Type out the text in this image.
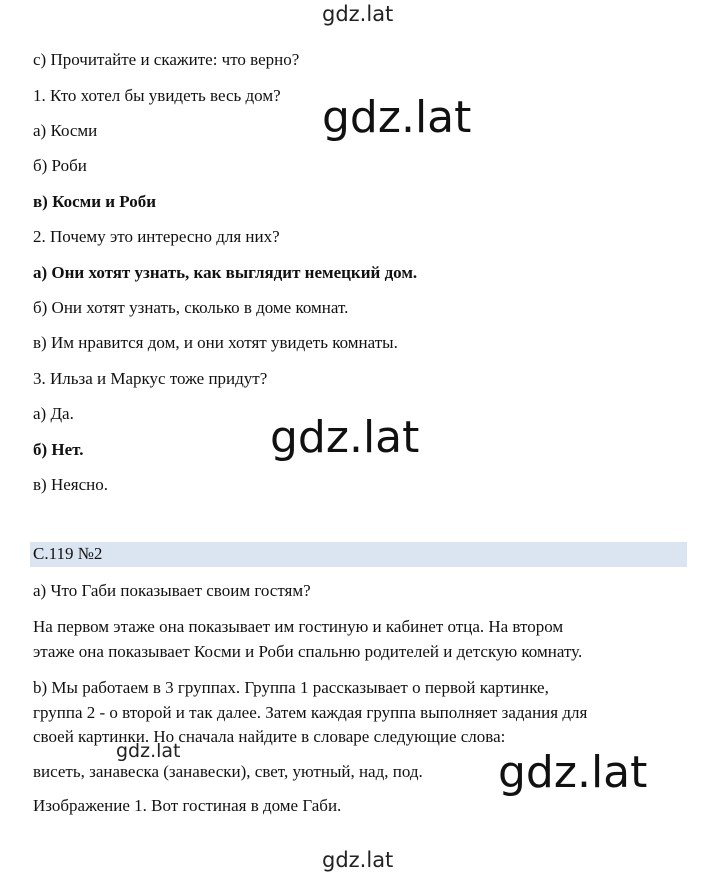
gdz.lat
c) Прочитайте и скажите: что верно?
1. Кто хотел бы увидеть весь дом?
а) Косми
б) Роби
в) Косми и Роби
2. Почему это интересно для них?
а) Они хотят узнать, как выглядит немецкий дом.
б) Они хотят узнать, сколько в доме комнат.
в) Им нравится дом, и они хотят увидеть комнаты.
3. Ильза и Маркус тоже придут?
а) Да.
б) Нет.
в) Неясно.
С.119 №2
а) Что Габи показывает своим гостям?
На первом этаже она показывает им гостиную и кабинет отца. На втором
этаже она показывает Косми и Роби спальню родителей и детскую комнату.
b) Мы работаем в 3 группах. Группа 1 рассказывает о первой картинке,
группа 2 - о второй и так далее. Затем каждая группа выполняет задания для
своей картинки. Но сначала найдите в словаре следующие слова:
висеть, занавеска (занавески), свет, уютный, над, под.
Изображение 1. Вот гостиная в доме Габи.
gdz.lat
gdz.lat
gdz.lat	gdz.lat
gdz.lat
